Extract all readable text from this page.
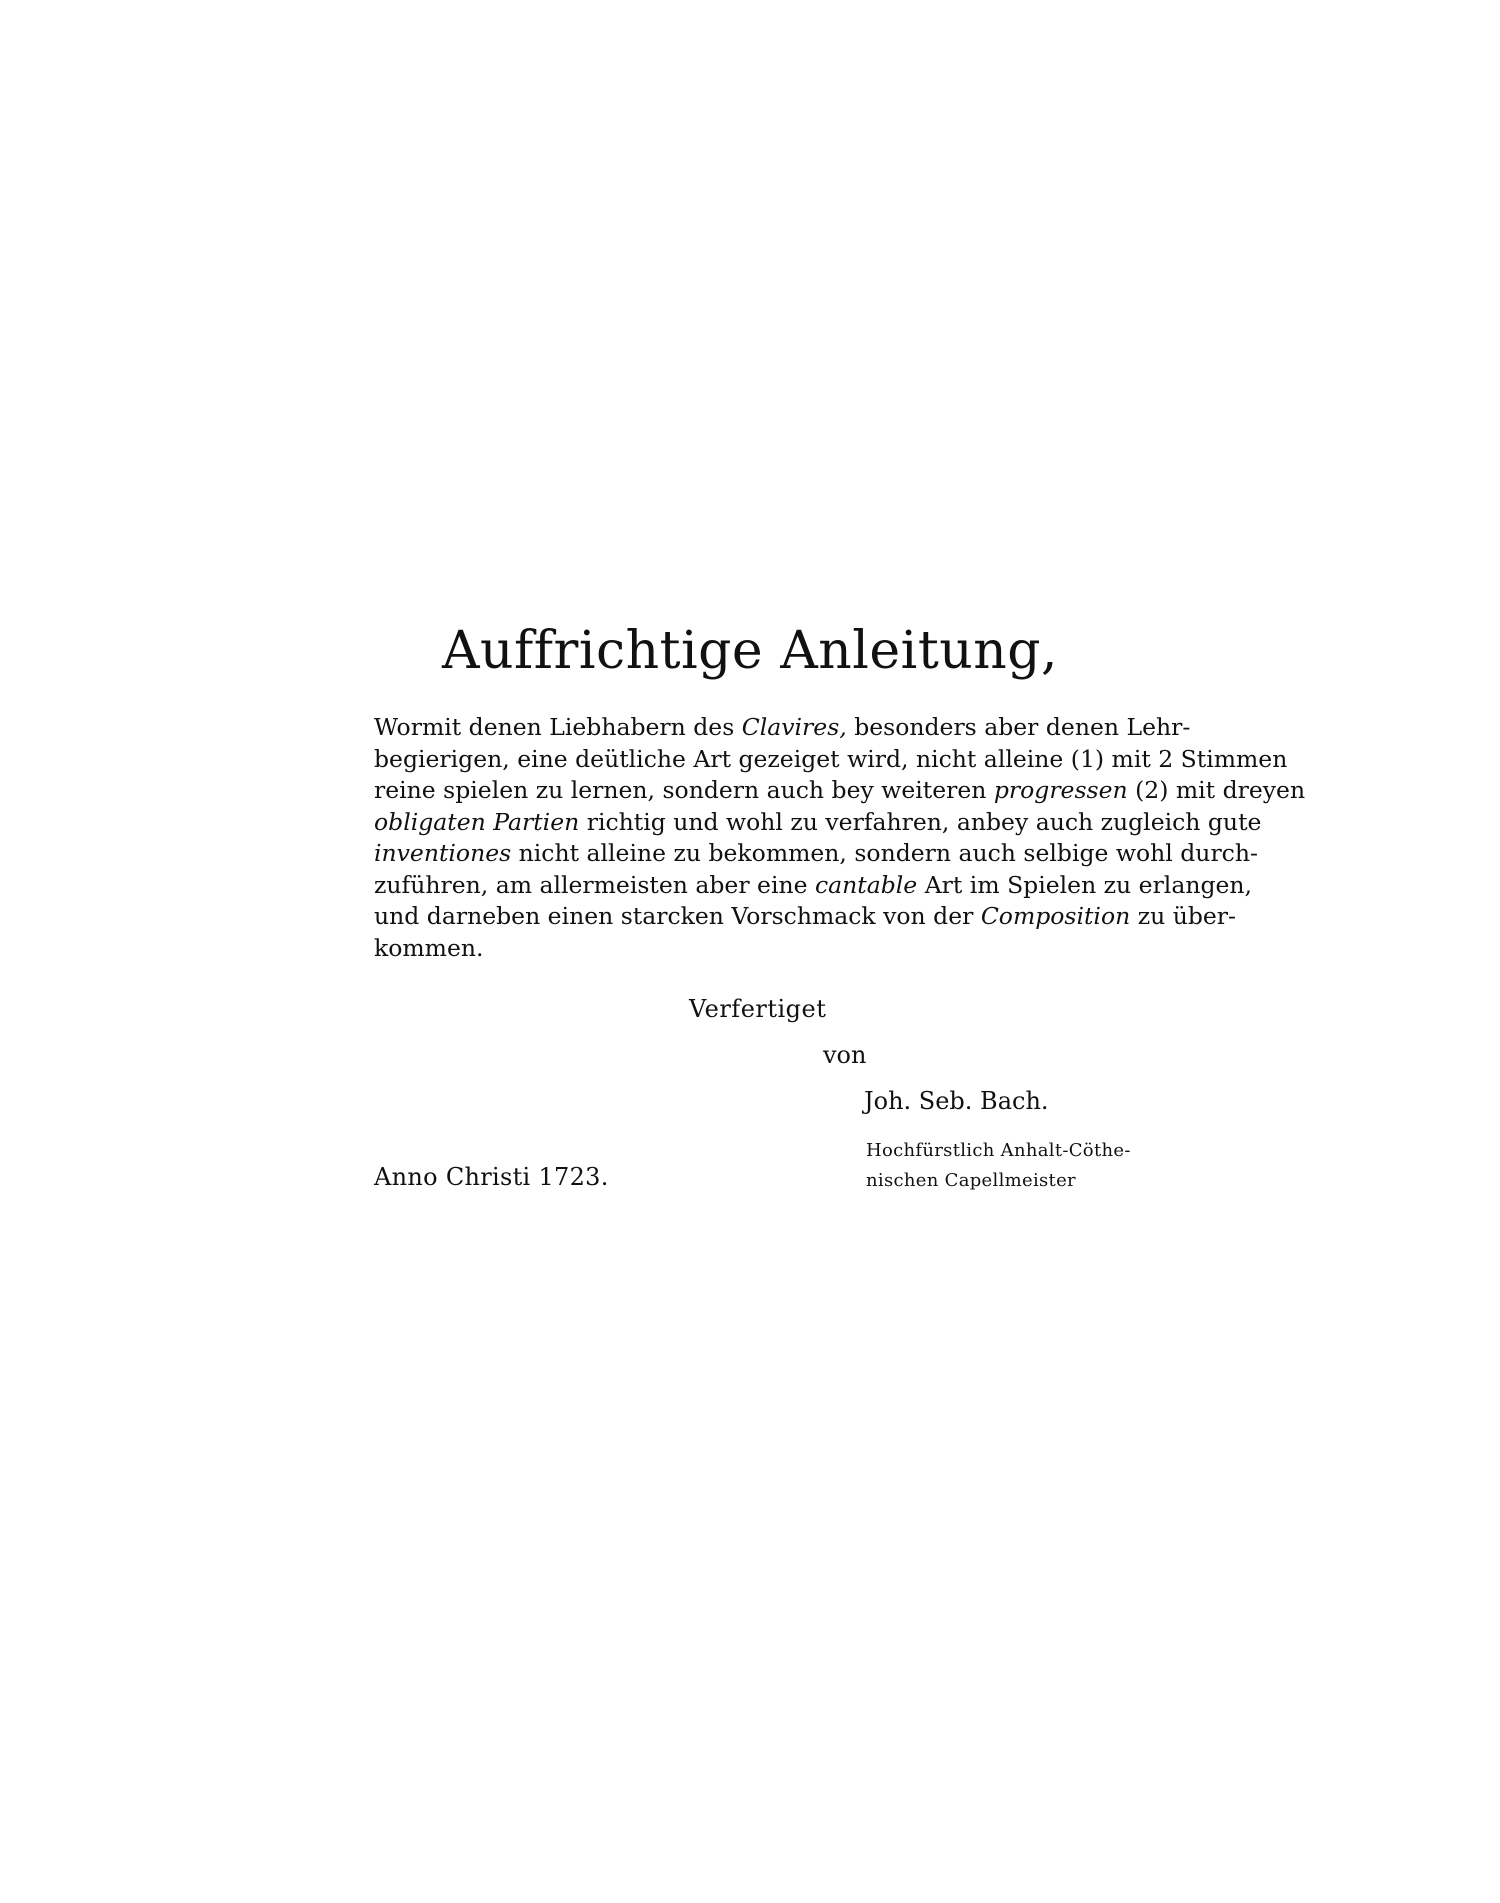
Auffrichtige Anleitung,
Wormit denen Liebhabern des Clavires, besonders aber denen Lehr-
begierigen, eine deütliche Art gezeiget wird, nicht alleine (1) mit 2 Stimmen
reine spielen zu lernen, sondern auch bey weiteren progressen (2) mit dreyen
obligaten Partien richtig und wohl zu verfahren, anbey auch zugleich gute
inventiones nicht alleine zu bekommen, sondern auch selbige wohl durch-
zuführen, am allermeisten aber eine cantable Art im Spielen zu erlangen,
und darneben einen starcken Vorschmack von der Composition zu über-
kommen.

Verfertiget

von

Joh. Seb. Bach.

Hochfürstlich Anhalt-Cöthe-
nischen Capellmeister

Anno Christi 1723.
